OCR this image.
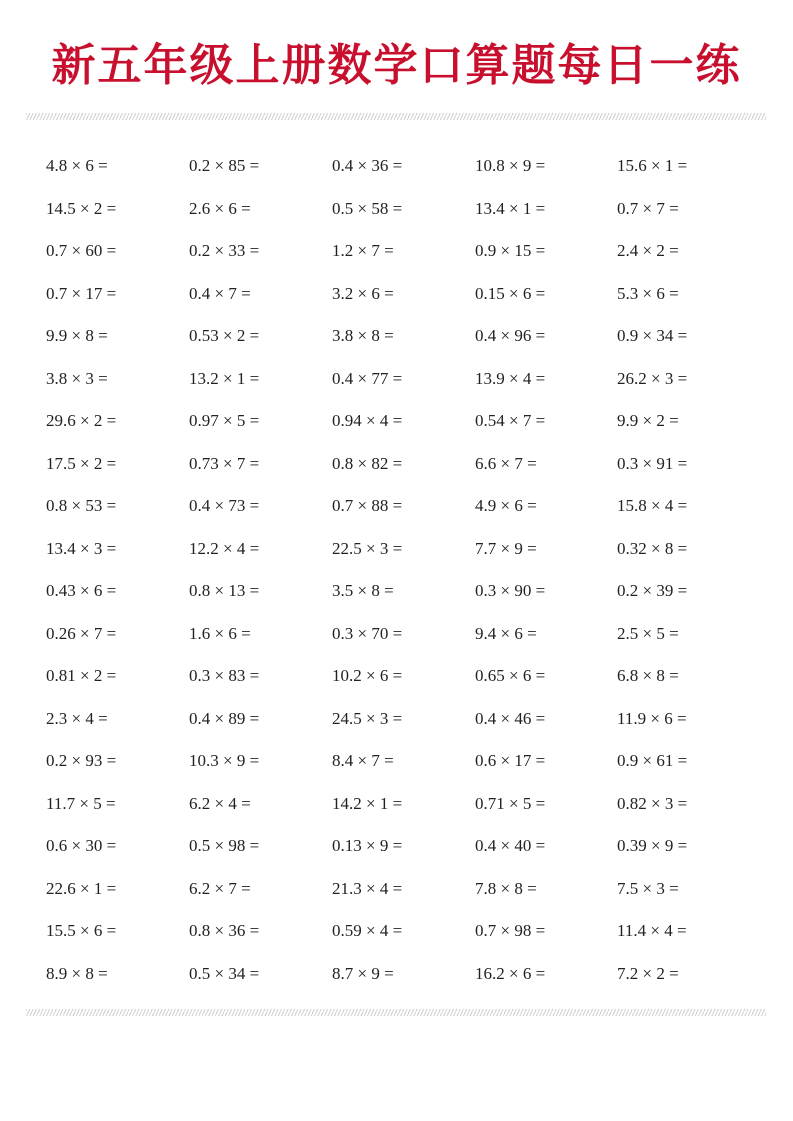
新五年级上册数学口算题每日一练
4.8 × 6 =	0.2 × 85 =	0.4 × 36 =	10.8 × 9 =	15.6 × 1 =
14.5 × 2 =	2.6 × 6 =	0.5 × 58 =	13.4 × 1 =	0.7 × 7 =
0.7 × 60 =	0.2 × 33 =	1.2 × 7 =	0.9 × 15 =	2.4 × 2 =
0.7 × 17 =	0.4 × 7 =	3.2 × 6 =	0.15 × 6 =	5.3 × 6 =
9.9 × 8 =	0.53 × 2 =	3.8 × 8 =	0.4 × 96 =	0.9 × 34 =
3.8 × 3 =	13.2 × 1 =	0.4 × 77 =	13.9 × 4 =	26.2 × 3 =
29.6 × 2 =	0.97 × 5 =	0.94 × 4 =	0.54 × 7 =	9.9 × 2 =
17.5 × 2 =	0.73 × 7 =	0.8 × 82 =	6.6 × 7 =	0.3 × 91 =
0.8 × 53 =	0.4 × 73 =	0.7 × 88 =	4.9 × 6 =	15.8 × 4 =
13.4 × 3 =	12.2 × 4 =	22.5 × 3 =	7.7 × 9 =	0.32 × 8 =
0.43 × 6 =	0.8 × 13 =	3.5 × 8 =	0.3 × 90 =	0.2 × 39 =
0.26 × 7 =	1.6 × 6 =	0.3 × 70 =	9.4 × 6 =	2.5 × 5 =
0.81 × 2 =	0.3 × 83 =	10.2 × 6 =	0.65 × 6 =	6.8 × 8 =
2.3 × 4 =	0.4 × 89 =	24.5 × 3 =	0.4 × 46 =	11.9 × 6 =
0.2 × 93 =	10.3 × 9 =	8.4 × 7 =	0.6 × 17 =	0.9 × 61 =
11.7 × 5 =	6.2 × 4 =	14.2 × 1 =	0.71 × 5 =	0.82 × 3 =
0.6 × 30 =	0.5 × 98 =	0.13 × 9 =	0.4 × 40 =	0.39 × 9 =
22.6 × 1 =	6.2 × 7 =	21.3 × 4 =	7.8 × 8 =	7.5 × 3 =
15.5 × 6 =	0.8 × 36 =	0.59 × 4 =	0.7 × 98 =	11.4 × 4 =
8.9 × 8 =	0.5 × 34 =	8.7 × 9 =	16.2 × 6 =	7.2 × 2 =
